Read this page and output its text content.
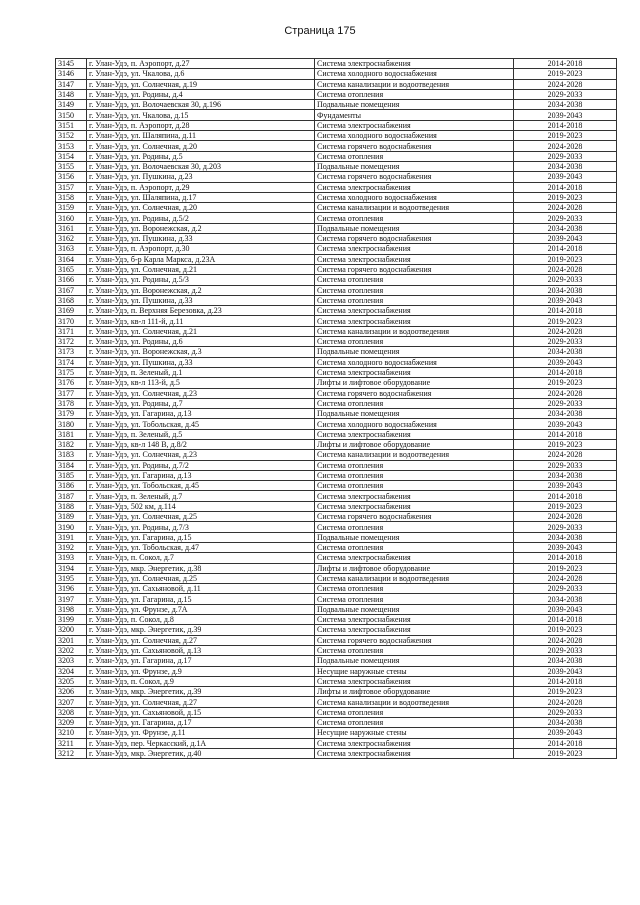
Страница 175
3145	г. Улан-Удэ, п. Аэропорт, д.27	Система электроснабжения	2014-2018
3146	г. Улан-Удэ, ул. Чкалова, д.6	Система холодного водоснабжения	2019-2023
3147	г. Улан-Удэ, ул. Солнечная, д.19	Система канализации и водоотведения	2024-2028
3148	г. Улан-Удэ, ул. Родины, д.4	Система отопления	2029-2033
3149	г. Улан-Удэ, ул. Волочаевская 30, д.196	Подвальные помещения	2034-2038
3150	г. Улан-Удэ, ул. Чкалова, д.15	Фундаменты	2039-2043
3151	г. Улан-Удэ, п. Аэропорт, д.28	Система электроснабжения	2014-2018
3152	г. Улан-Удэ, ул. Шаляпина, д.11	Система холодного водоснабжения	2019-2023
3153	г. Улан-Удэ, ул. Солнечная, д.20	Система горячего водоснабжения	2024-2028
3154	г. Улан-Удэ, ул. Родины, д.5	Система отопления	2029-2033
3155	г. Улан-Удэ, ул. Волочаевская 30, д.203	Подвальные помещения	2034-2038
3156	г. Улан-Удэ, ул. Пушкина, д.23	Система горячего водоснабжения	2039-2043
3157	г. Улан-Удэ, п. Аэропорт, д.29	Система электроснабжения	2014-2018
3158	г. Улан-Удэ, ул. Шаляпина, д.17	Система холодного водоснабжения	2019-2023
3159	г. Улан-Удэ, ул. Солнечная, д.20	Система канализации и водоотведения	2024-2028
3160	г. Улан-Удэ, ул. Родины, д.5/2	Система отопления	2029-2033
3161	г. Улан-Удэ, ул. Воронежская, д.2	Подвальные помещения	2034-2038
3162	г. Улан-Удэ, ул. Пушкина, д.33	Система горячего водоснабжения	2039-2043
3163	г. Улан-Удэ, п. Аэропорт, д.30	Система электроснабжения	2014-2018
3164	г. Улан-Удэ, б-р Карла Маркса, д.23А	Система электроснабжения	2019-2023
3165	г. Улан-Удэ, ул. Солнечная, д.21	Система горячего водоснабжения	2024-2028
3166	г. Улан-Удэ, ул. Родины, д.5/3	Система отопления	2029-2033
3167	г. Улан-Удэ, ул. Воронежская, д.2	Система отопления	2034-2038
3168	г. Улан-Удэ, ул. Пушкина, д.33	Система отопления	2039-2043
3169	г. Улан-Удэ, п. Верхняя Березовка, д.23	Система электроснабжения	2014-2018
3170	г. Улан-Удэ, кв-л 111-й, д.11	Система электроснабжения	2019-2023
3171	г. Улан-Удэ, ул. Солнечная, д.21	Система канализации и водоотведения	2024-2028
3172	г. Улан-Удэ, ул. Родины, д.6	Система отопления	2029-2033
3173	г. Улан-Удэ, ул. Воронежская, д.3	Подвальные помещения	2034-2038
3174	г. Улан-Удэ, ул. Пушкина, д.33	Система холодного водоснабжения	2039-2043
3175	г. Улан-Удэ, п. Зеленый, д.1	Система электроснабжения	2014-2018
3176	г. Улан-Удэ, кв-л 113-й, д.5	Лифты и лифтовое оборудование	2019-2023
3177	г. Улан-Удэ, ул. Солнечная, д.23	Система горячего водоснабжения	2024-2028
3178	г. Улан-Удэ, ул. Родины, д.7	Система отопления	2029-2033
3179	г. Улан-Удэ, ул. Гагарина, д.13	Подвальные помещения	2034-2038
3180	г. Улан-Удэ, ул. Тобольская, д.45	Система холодного водоснабжения	2039-2043
3181	г. Улан-Удэ, п. Зеленый, д.5	Система электроснабжения	2014-2018
3182	г. Улан-Удэ, кв-л 148 В, д.8/2	Лифты и лифтовое оборудование	2019-2023
3183	г. Улан-Удэ, ул. Солнечная, д.23	Система канализации и водоотведения	2024-2028
3184	г. Улан-Удэ, ул. Родины, д.7/2	Система отопления	2029-2033
3185	г. Улан-Удэ, ул. Гагарина, д.13	Система отопления	2034-2038
3186	г. Улан-Удэ, ул. Тобольская, д.45	Система отопления	2039-2043
3187	г. Улан-Удэ, п. Зеленый, д.7	Система электроснабжения	2014-2018
3188	г. Улан-Удэ, 502 км, д.114	Система электроснабжения	2019-2023
3189	г. Улан-Удэ, ул. Солнечная, д.25	Система горячего водоснабжения	2024-2028
3190	г. Улан-Удэ, ул. Родины, д.7/3	Система отопления	2029-2033
3191	г. Улан-Удэ, ул. Гагарина, д.15	Подвальные помещения	2034-2038
3192	г. Улан-Удэ, ул. Тобольская, д.47	Система отопления	2039-2043
3193	г. Улан-Удэ, п. Сокол, д.7	Система электроснабжения	2014-2018
3194	г. Улан-Удэ, мкр. Энергетик, д.38	Лифты и лифтовое оборудование	2019-2023
3195	г. Улан-Удэ, ул. Солнечная, д.25	Система канализации и водоотведения	2024-2028
3196	г. Улан-Удэ, ул. Сахьяновой, д.11	Система отопления	2029-2033
3197	г. Улан-Удэ, ул. Гагарина, д.15	Система отопления	2034-2038
3198	г. Улан-Удэ, ул. Фрунзе, д.7А	Подвальные помещения	2039-2043
3199	г. Улан-Удэ, п. Сокол, д.8	Система электроснабжения	2014-2018
3200	г. Улан-Удэ, мкр. Энергетик, д.39	Система электроснабжения	2019-2023
3201	г. Улан-Удэ, ул. Солнечная, д.27	Система горячего водоснабжения	2024-2028
3202	г. Улан-Удэ, ул. Сахьяновой, д.13	Система отопления	2029-2033
3203	г. Улан-Удэ, ул. Гагарина, д.17	Подвальные помещения	2034-2038
3204	г. Улан-Удэ, ул. Фрунзе, д.9	Несущие наружные стены	2039-2043
3205	г. Улан-Удэ, п. Сокол, д.9	Система электроснабжения	2014-2018
3206	г. Улан-Удэ, мкр. Энергетик, д.39	Лифты и лифтовое оборудование	2019-2023
3207	г. Улан-Удэ, ул. Солнечная, д.27	Система канализации и водоотведения	2024-2028
3208	г. Улан-Удэ, ул. Сахьяновой, д.15	Система отопления	2029-2033
3209	г. Улан-Удэ, ул. Гагарина, д.17	Система отопления	2034-2038
3210	г. Улан-Удэ, ул. Фрунзе, д.11	Несущие наружные стены	2039-2043
3211	г. Улан-Удэ, пер. Черкасский, д.1А	Система электроснабжения	2014-2018
3212	г. Улан-Удэ, мкр. Энергетик, д.40	Система электроснабжения	2019-2023
